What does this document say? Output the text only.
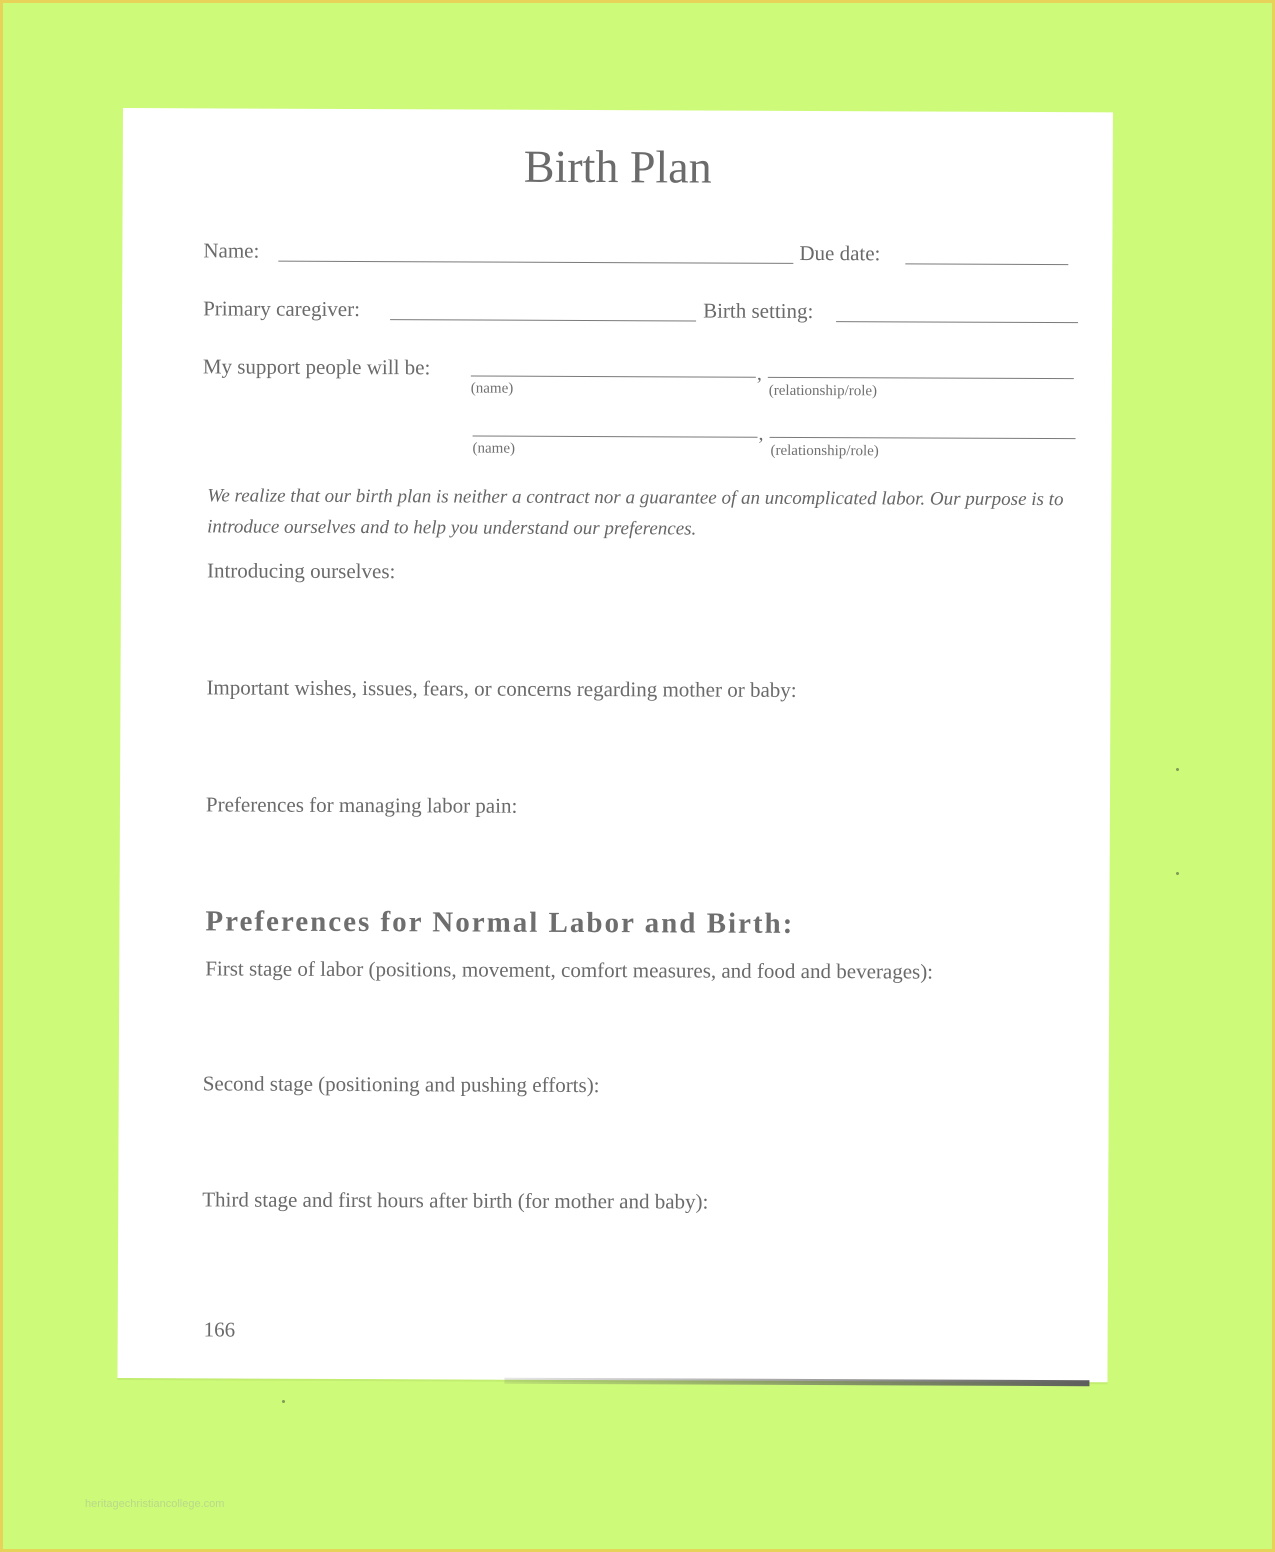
Birth Plan
Name:	Due date:
Primary caregiver:	Birth setting:
My support people will be:	,
(name)	(relationship/role)
,
(name)	(relationship/role)
We realize that our birth plan is neither a contract nor a guarantee of an uncomplicated labor. Our purpose is to introduce ourselves and to help you understand our preferences.
Introducing ourselves:
Important wishes, issues, fears, or concerns regarding mother or baby:
Preferences for managing labor pain:
Preferences for Normal Labor and Birth:
First stage of labor (positions, movement, comfort measures, and food and beverages):
Second stage (positioning and pushing efforts):
Third stage and first hours after birth (for mother and baby):
166
heritagechristiancollege.com
